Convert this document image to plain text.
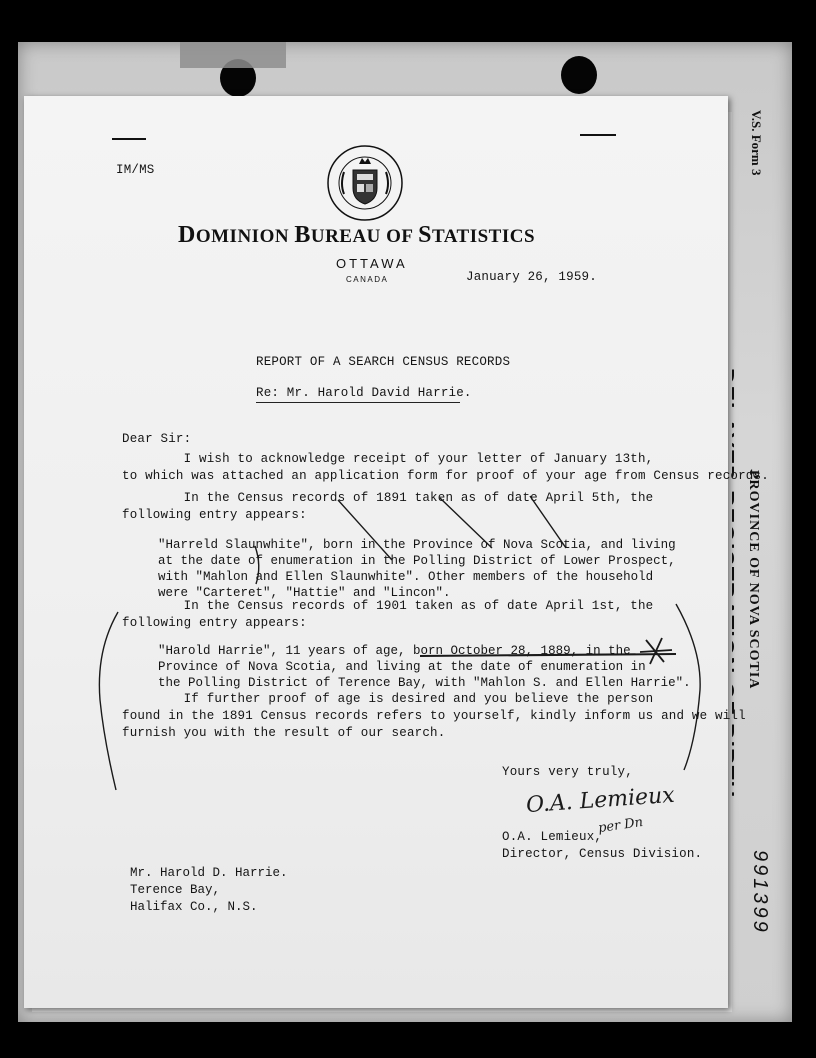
V.S. Form 3
PROVINCE OF NOVA SCOTIA
991399
IM/MS
DOMINION BUREAU OF STATISTICS
OTTAWA
CANADA	January 26, 1959.
REPORT OF A SEARCH CENSUS RECORDS
Re: Mr. Harold David Harrie.
Dear Sir:
I wish to acknowledge receipt of your letter of January 13th,
to which was attached an application form for proof of your age from Census records.
In the Census records of 1891 taken as of date April 5th, the
following entry appears:
"Harreld Slaunwhite", born in the Province of Nova Scotia, and living
at the date of enumeration in the Polling District of Lower Prospect,
with "Mahlon and Ellen Slaunwhite". Other members of the household
were "Carteret", "Hattie" and "Lincon".
In the Census records of 1901 taken as of date April 1st, the
following entry appears:
"Harold Harrie", 11 years of age, born October 28, 1889, in the
Province of Nova Scotia, and living at the date of enumeration in
the Polling District of Terence Bay, with "Mahlon S. and Ellen Harrie".
If further proof of age is desired and you believe the person
found in the 1891 Census records refers to yourself, kindly inform us and we will
furnish you with the result of our search.
Yours very truly,
O.A. Lemieux
per Dn
O.A. Lemieux,
Director, Census Division.
Mr. Harold D. Harrie.
Terence Bay,
Halifax Co., N.S.
